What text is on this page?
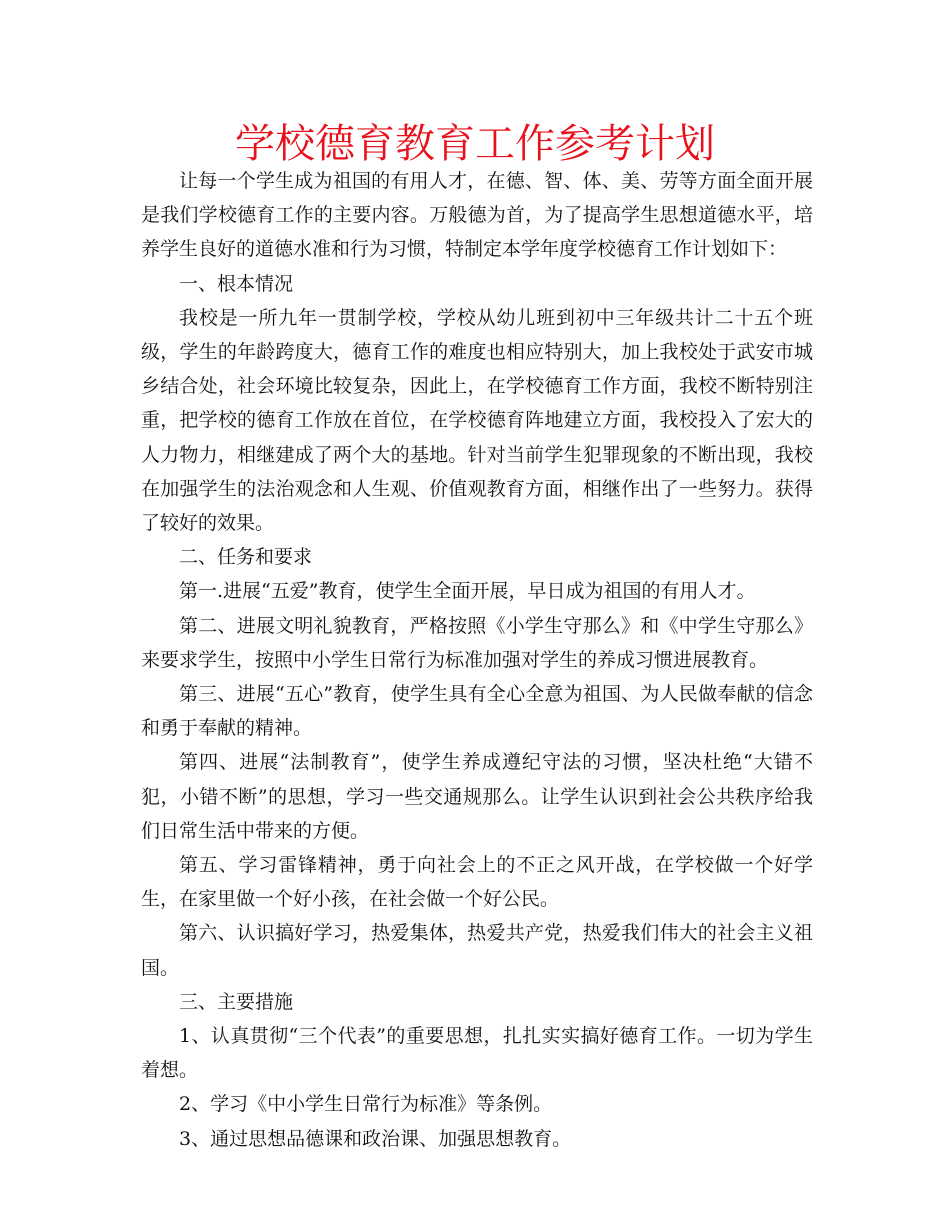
学校德育教育工作参考计划

让每一个学生成为祖国的有用人才，在德、智、体、美、劳等方面全面开展是我们学校德育工作的主要内容。万般德为首，为了提高学生思想道德水平，培养学生良好的道德水准和行为习惯，特制定本学年度学校德育工作计划如下：

一、根本情况

我校是一所九年一贯制学校，学校从幼儿班到初中三年级共计二十五个班级，学生的年龄跨度大，德育工作的难度也相应特别大，加上我校处于武安市城乡结合处，社会环境比较复杂，因此上，在学校德育工作方面，我校不断特别注重，把学校的德育工作放在首位，在学校德育阵地建立方面，我校投入了宏大的人力物力，相继建成了两个大的基地。针对当前学生犯罪现象的不断出现，我校在加强学生的法治观念和人生观、价值观教育方面，相继作出了一些努力。获得了较好的效果。

二、任务和要求

第一.进展“五爱”教育，使学生全面开展，早日成为祖国的有用人才。

第二、进展文明礼貌教育，严格按照《小学生守那么》和《中学生守那么》来要求学生，按照中小学生日常行为标准加强对学生的养成习惯进展教育。

第三、进展“五心”教育，使学生具有全心全意为祖国、为人民做奉献的信念和勇于奉献的精神。

第四、进展“法制教育”，使学生养成遵纪守法的习惯，坚决杜绝“大错不犯，小错不断”的思想，学习一些交通规那么。让学生认识到社会公共秩序给我们日常生活中带来的方便。

第五、学习雷锋精神，勇于向社会上的不正之风开战，在学校做一个好学生，在家里做一个好小孩，在社会做一个好公民。

第六、认识搞好学习，热爱集体，热爱共产党，热爱我们伟大的社会主义祖国。

三、主要措施

1、认真贯彻“三个代表”的重要思想，扎扎实实搞好德育工作。一切为学生着想。

2、学习《中小学生日常行为标准》等条例。

3、通过思想品德课和政治课、加强思想教育。
